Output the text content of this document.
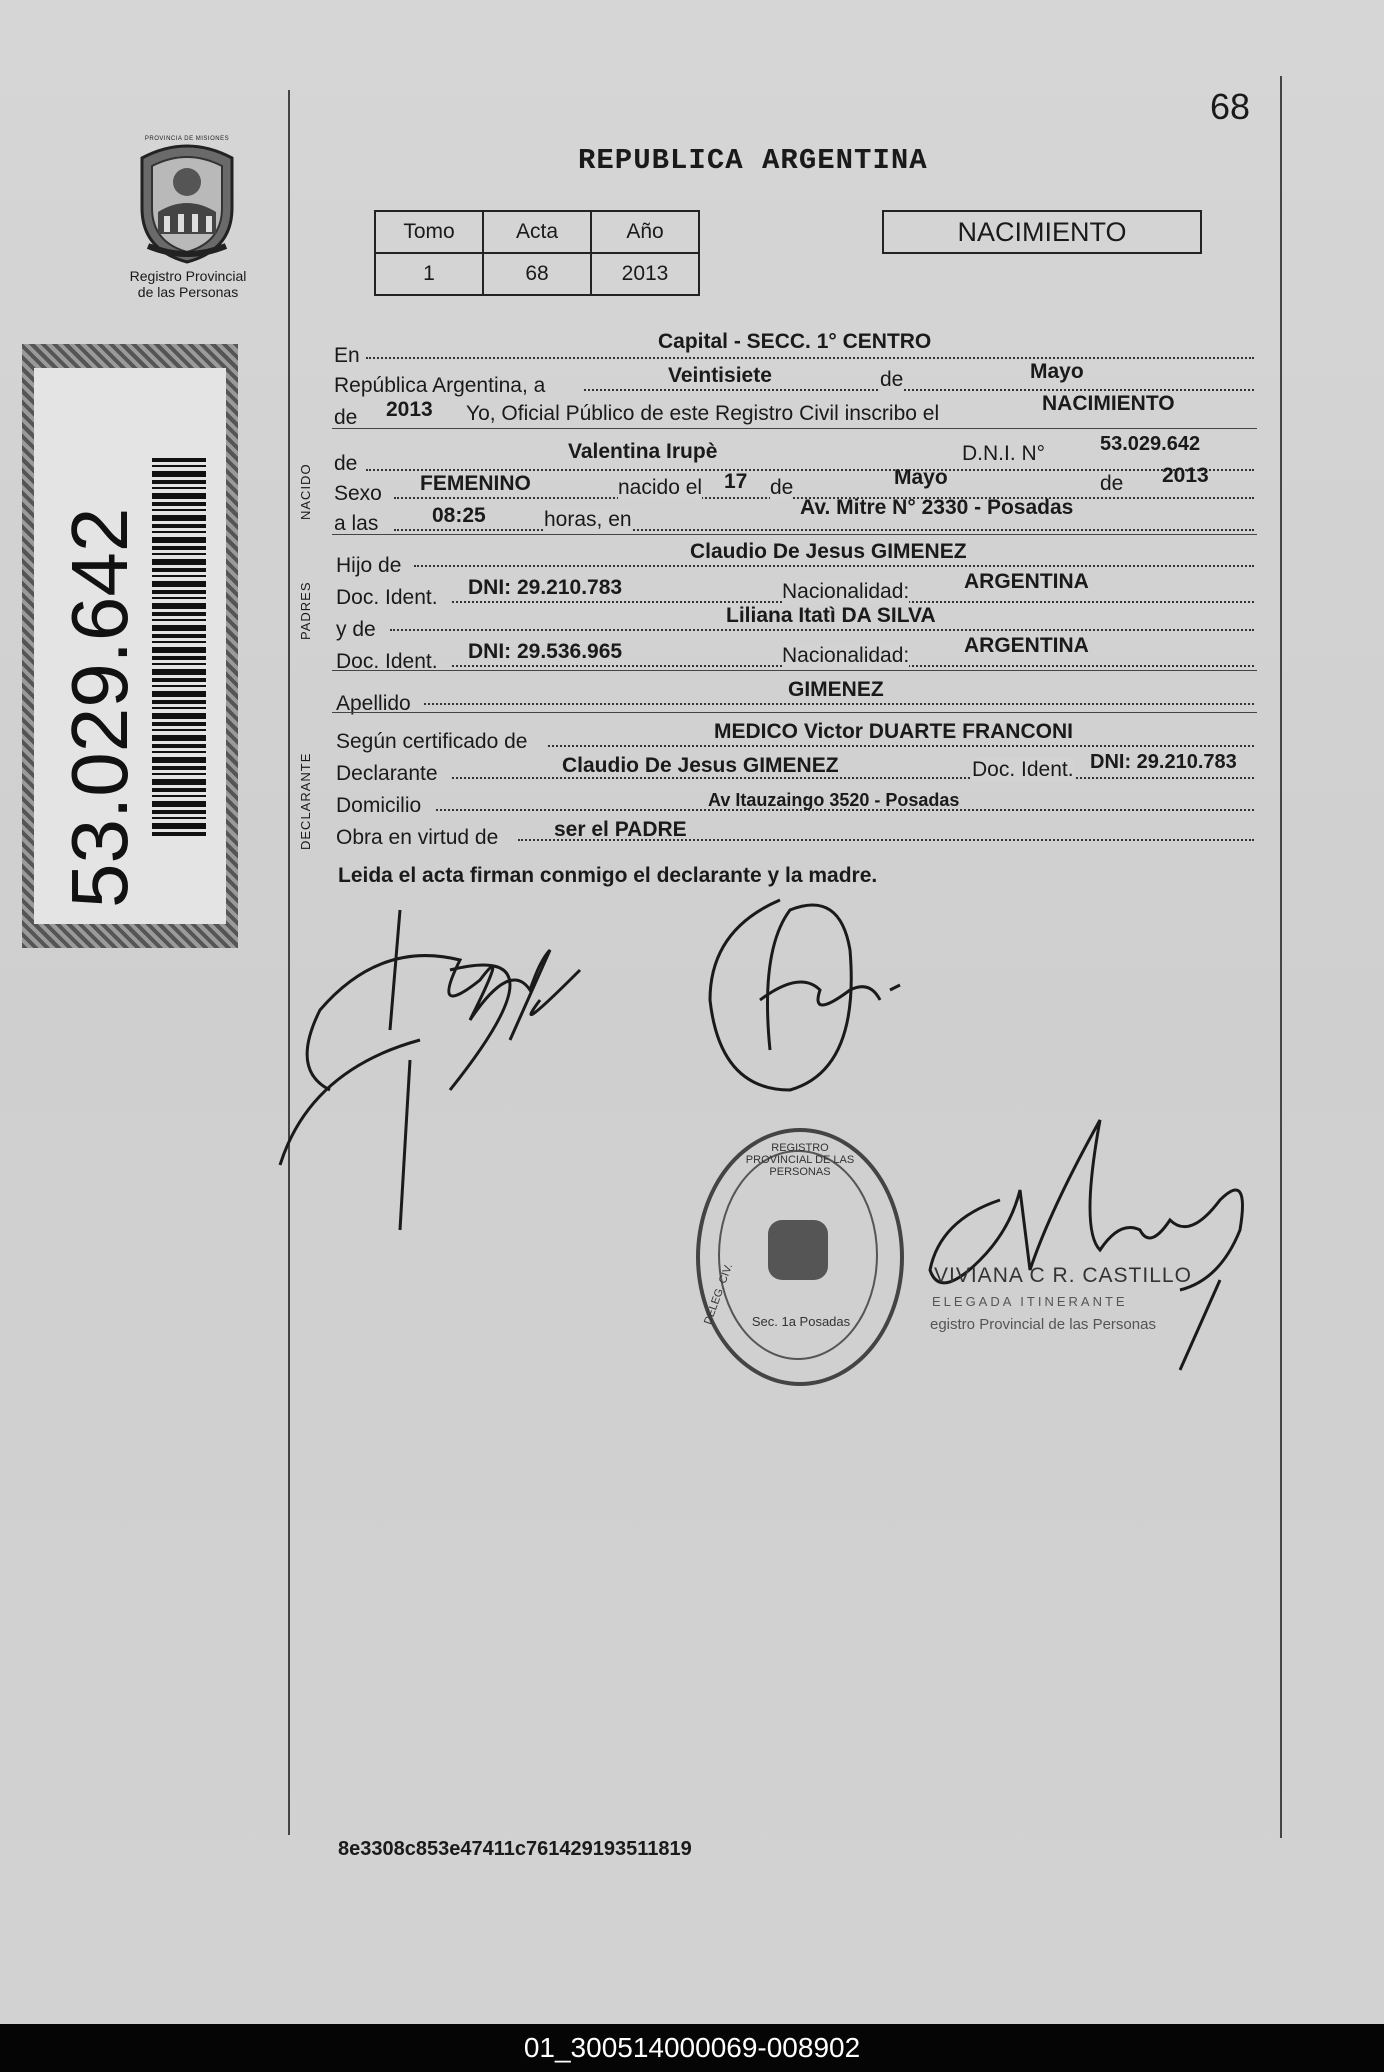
68
PROVINCIA DE MISIONES
Registro Provincial
de las Personas
53.029.642
REPUBLICA ARGENTINA
Tomo	Acta	Año
1	68	2013
NACIMIENTO
En
Capital - SECC. 1° CENTRO
República Argentina, a	Veintisiete	de	Mayo
de 2013 Yo, Oficial Público de este Registro Civil inscribo el	NACIMIENTO
NACIDO de
Valentina Irupè	D.N.I. N°	53.029.642
Sexo FEMENINO	nacido el 17 de	Mayo	de 2013
a las	08:25	horas, en
Av. Mitre N° 2330 - Posadas
PADRES
Hijo de
Claudio De Jesus GIMENEZ
Doc. Ident. DNI: 29.210.783	Nacionalidad:	ARGENTINA
y de
Liliana Itatì DA SILVA
Doc. Ident. DNI: 29.536.965	Nacionalidad:	ARGENTINA
Apellido
GIMENEZ
DECLARANTE
Según certificado de	MEDICO Victor DUARTE FRANCONI
Declarante	Claudio De Jesus GIMENEZ	Doc. Ident. DNI: 29.210.783
Domicilio	Av Itauzaingo 3520 - Posadas
Obra en virtud de	ser el PADRE
Leida el acta firman conmigo el declarante y la madre.
REGISTRO PROVINCIAL DE LAS PERSONAS
DELEG. CIV.	Sec. 1a Posadas
VIVIANA C R. CASTILLO
ELEGADA ITINERANTE
egistro Provincial de las Personas
8e3308c853e47411c761429193511819
01_300514000069-008902
